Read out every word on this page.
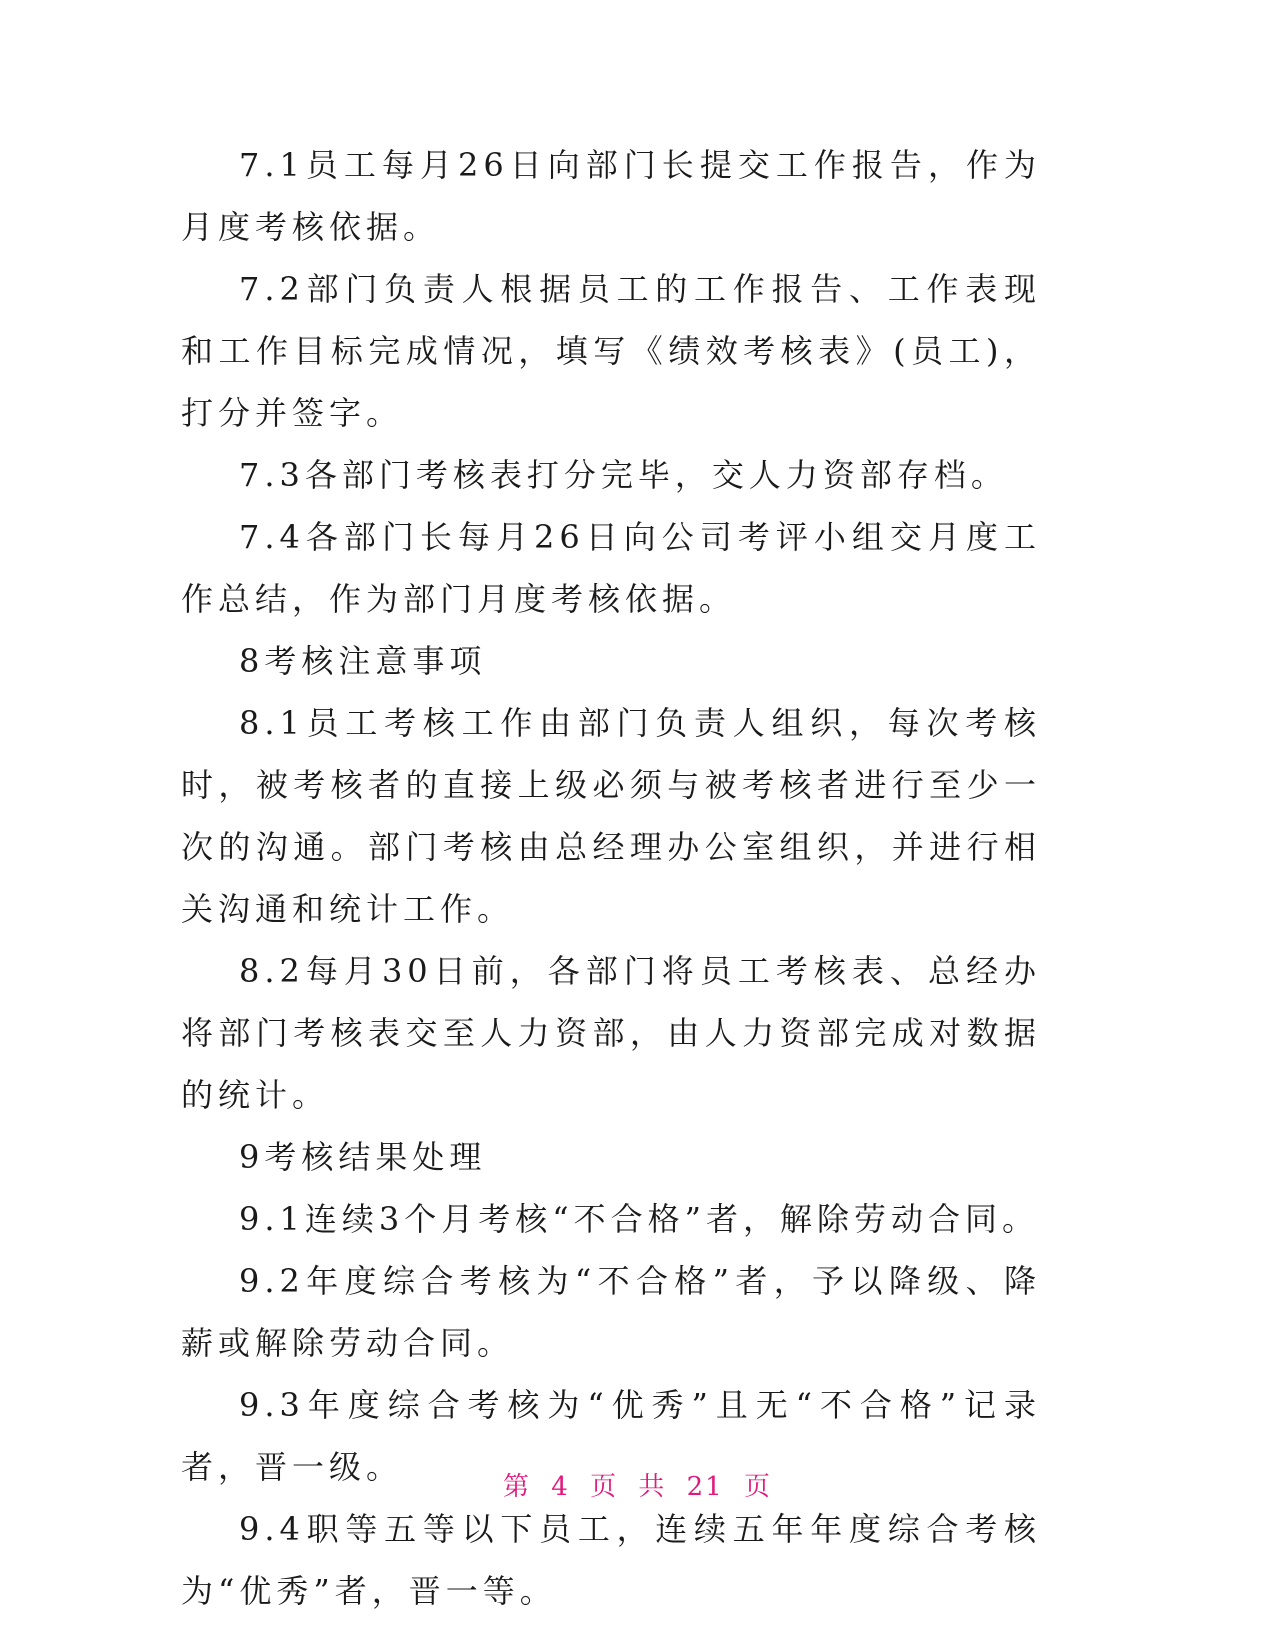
7.1员工每月26日向部门长提交工作报告，作为月度考核依据。

7.2部门负责人根据员工的工作报告、工作表现和工作目标完成情况，填写《绩效考核表》(员工)，打分并签字。

7.3各部门考核表打分完毕，交人力资部存档。

7.4各部门长每月26日向公司考评小组交月度工作总结，作为部门月度考核依据。

8考核注意事项

8.1员工考核工作由部门负责人组织，每次考核时，被考核者的直接上级必须与被考核者进行至少一次的沟通。部门考核由总经理办公室组织，并进行相关沟通和统计工作。

8.2每月30日前，各部门将员工考核表、总经办将部门考核表交至人力资部，由人力资部完成对数据的统计。

9考核结果处理

9.1连续3个月考核“不合格”者，解除劳动合同。

9.2年度综合考核为“不合格”者，予以降级、降薪或解除劳动合同。

9.3年度综合考核为“优秀”且无“不合格”记录者，晋一级。

9.4职等五等以下员工，连续五年年度综合考核为“优秀”者，晋一等。

第 4 页 共 21 页
